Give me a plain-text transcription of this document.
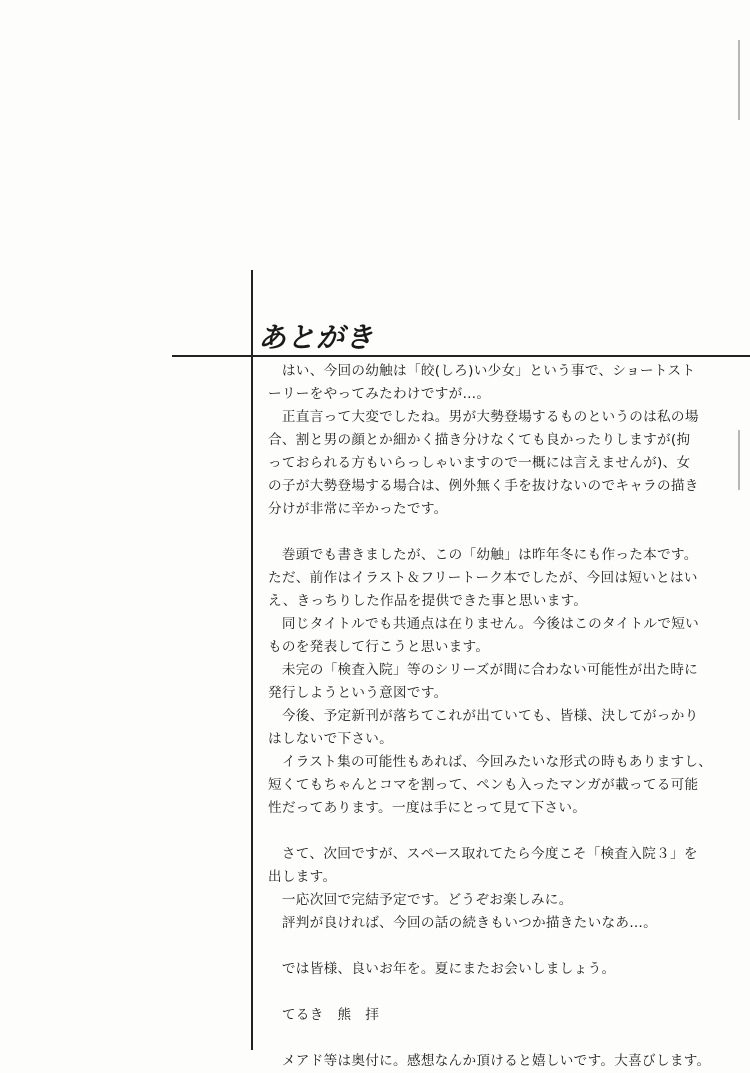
あとがき
　はい、今回の幼触は「皎(しろ)い少女」という事で、ショートスト
ーリーをやってみたわけですが…。
　正直言って大変でしたね。男が大勢登場するものというのは私の場
合、割と男の顔とか細かく描き分けなくても良かったりしますが(拘
っておられる方もいらっしゃいますので一概には言えませんが)、女
の子が大勢登場する場合は、例外無く手を抜けないのでキャラの描き
分けが非常に辛かったです。
　巻頭でも書きましたが、この「幼触」は昨年冬にも作った本です。
ただ、前作はイラスト＆フリートーク本でしたが、今回は短いとはい
え、きっちりした作品を提供できた事と思います。
　同じタイトルでも共通点は在りません。今後はこのタイトルで短い
ものを発表して行こうと思います。
　未完の「検査入院」等のシリーズが間に合わない可能性が出た時に
発行しようという意図です。
　今後、予定新刊が落ちてこれが出ていても、皆様、決してがっかり
はしないで下さい。
　イラスト集の可能性もあれば、今回みたいな形式の時もありますし、
短くてもちゃんとコマを割って、ペンも入ったマンガが載ってる可能
性だってあります。一度は手にとって見て下さい。
　さて、次回ですが、スペース取れてたら今度こそ「検査入院３」を
出します。
　一応次回で完結予定です。どうぞお楽しみに。
　評判が良ければ、今回の話の続きもいつか描きたいなあ…。
　では皆様、良いお年を。夏にまたお会いしましょう。
　てるき　熊　拝
　メアド等は奥付に。感想なんか頂けると嬉しいです。大喜びします。
